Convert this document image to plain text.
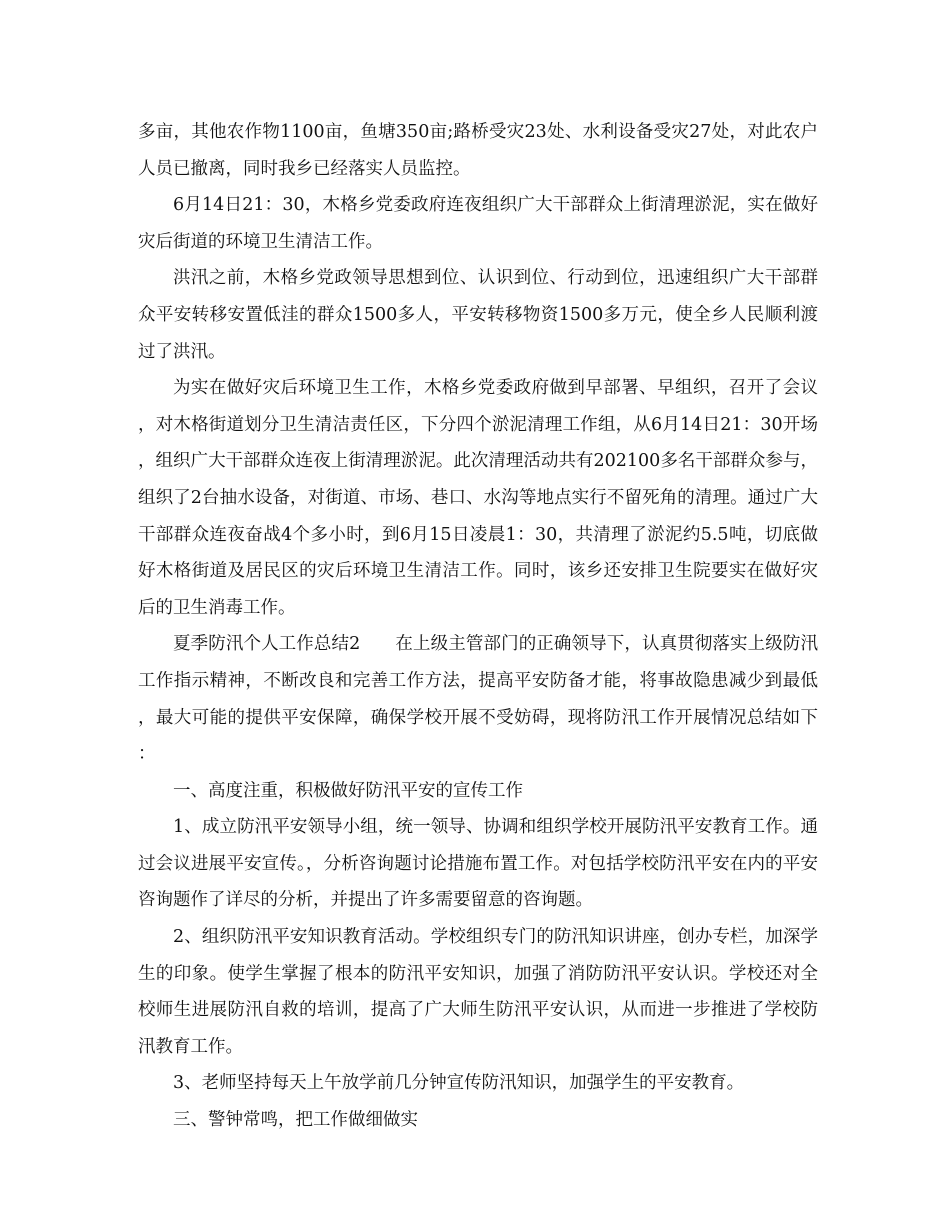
多亩，其他农作物1100亩，鱼塘350亩;路桥受灾23处、水利设备受灾27处，对此农户人员已撤离，同时我乡已经落实人员监控。

6月14日21：30，木格乡党委政府连夜组织广大干部群众上街清理淤泥，实在做好灾后街道的环境卫生清洁工作。

洪汛之前，木格乡党政领导思想到位、认识到位、行动到位，迅速组织广大干部群众平安转移安置低洼的群众1500多人，平安转移物资1500多万元，使全乡人民顺利渡过了洪汛。

为实在做好灾后环境卫生工作，木格乡党委政府做到早部署、早组织，召开了会议，对木格街道划分卫生清洁责任区，下分四个淤泥清理工作组，从6月14日21：30开场，组织广大干部群众连夜上街清理淤泥。此次清理活动共有202100多名干部群众参与，组织了2台抽水设备，对街道、市场、巷口、水沟等地点实行不留死角的清理。通过广大干部群众连夜奋战4个多小时，到6月15日凌晨1：30，共清理了淤泥约5.5吨，切底做好木格街道及居民区的灾后环境卫生清洁工作。同时，该乡还安排卫生院要实在做好灾后的卫生消毒工作。

夏季防汛个人工作总结2 在上级主管部门的正确领导下，认真贯彻落实上级防汛工作指示精神，不断改良和完善工作方法，提高平安防备才能，将事故隐患减少到最低，最大可能的提供平安保障，确保学校开展不受妨碍，现将防汛工作开展情况总结如下：

一、高度注重，积极做好防汛平安的宣传工作

1、成立防汛平安领导小组，统一领导、协调和组织学校开展防汛平安教育工作。通过会议进展平安宣传。，分析咨询题讨论措施布置工作。对包括学校防汛平安在内的平安咨询题作了详尽的分析，并提出了许多需要留意的咨询题。

2、组织防汛平安知识教育活动。学校组织专门的防汛知识讲座，创办专栏，加深学生的印象。使学生掌握了根本的防汛平安知识，加强了消防防汛平安认识。学校还对全校师生进展防汛自救的培训，提高了广大师生防汛平安认识，从而进一步推进了学校防汛教育工作。

3、老师坚持每天上午放学前几分钟宣传防汛知识，加强学生的平安教育。

三、警钟常鸣，把工作做细做实
